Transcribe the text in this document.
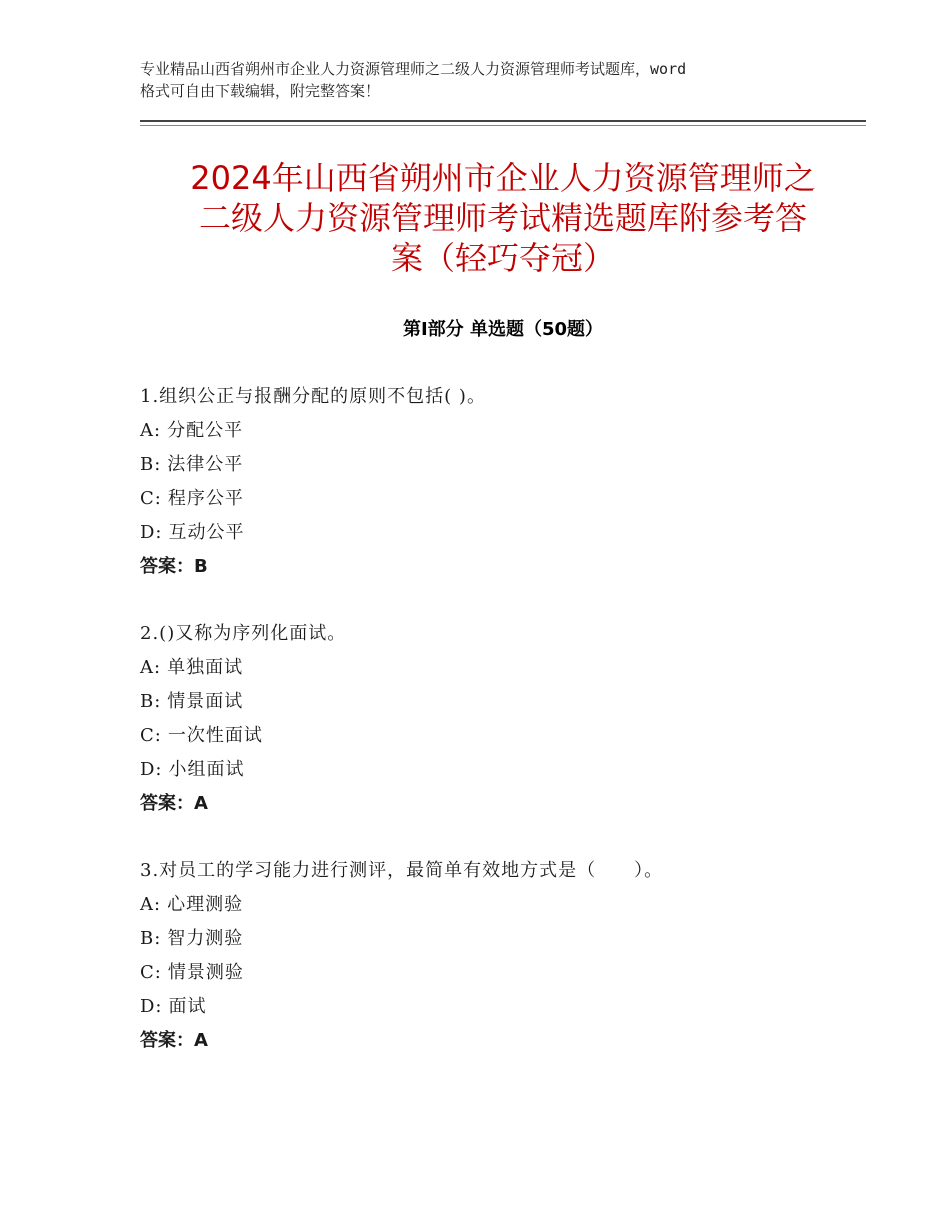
专业精品山西省朔州市企业人力资源管理师之二级人力资源管理师考试题库，word
格式可自由下载编辑，附完整答案！
2024年山西省朔州市企业人力资源管理师之
二级人力资源管理师考试精选题库附参考答
案（轻巧夺冠）
第Ⅰ部分 单选题（50题）
1.组织公正与报酬分配的原则不包括( )。
A: 分配公平
B: 法律公平
C: 程序公平
D: 互动公平
答案：B
2.()又称为序列化面试。
A: 单独面试
B: 情景面试
C: 一次性面试
D: 小组面试
答案：A
3.对员工的学习能力进行测评，最简单有效地方式是（　　）。
A: 心理测验
B: 智力测验
C: 情景测验
D: 面试
答案：A
